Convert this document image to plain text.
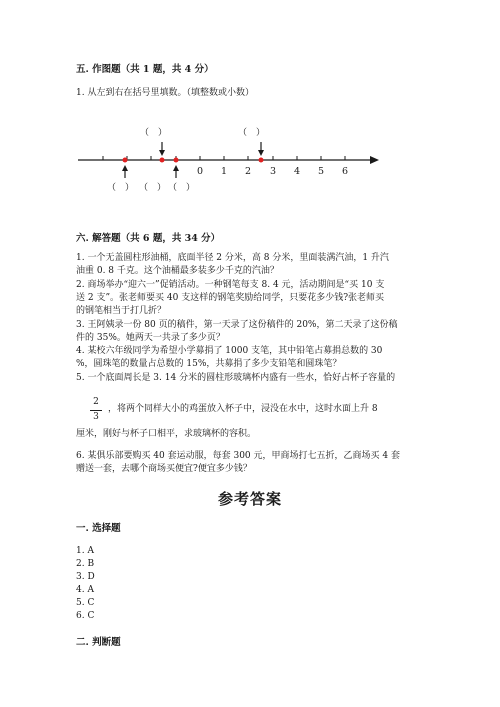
五. 作图题（共 1 题，共 4 分）
1. 从左到右在括号里填数。（填整数或小数）
（　）	（　）
0 1 2 3 4 5 6
（　） （　） （　）
六. 解答题（共 6 题，共 34 分）
1. 一个无盖圆柱形油桶，底面半径 2 分米，高 8 分米，里面装满汽油，1 升汽
油重 0. 8 千克。这个油桶最多装多少千克的汽油？
2. 商场举办“迎六一”促销活动。一种钢笔每支 8. 4 元，活动期间是“买 10 支
送 2 支”。张老师要买 40 支这样的钢笔奖励给同学，只要花多少钱?张老师买
的钢笔相当于打几折？
3. 王阿姨录一份 80 页的稿件，第一天录了这份稿件的 20%，第二天录了这份稿
件的 35%。她两天一共录了多少页？
4. 某校六年级同学为希望小学募捐了 1000 支笔，其中铅笔占募捐总数的 30
%，圆珠笔的数量占总数的 15%，共募捐了多少支铅笔和圆珠笔？
5. 一个底面周长是 3. 14 分米的圆柱形玻璃杯内盛有一些水，恰好占杯子容量的
2
3
，将两个同样大小的鸡蛋放入杯子中，浸没在水中，这时水面上升 8
厘米，刚好与杯子口相平，求玻璃杯的容积。
6. 某俱乐部要购买 40 套运动服，每套 300 元，甲商场打七五折，乙商场买 4 套
赠送一套，去哪个商场买便宜?便宜多少钱？
参考答案
一. 选择题
1. A
2. B
3. D
4. A
5. C
6. C
二. 判断题
